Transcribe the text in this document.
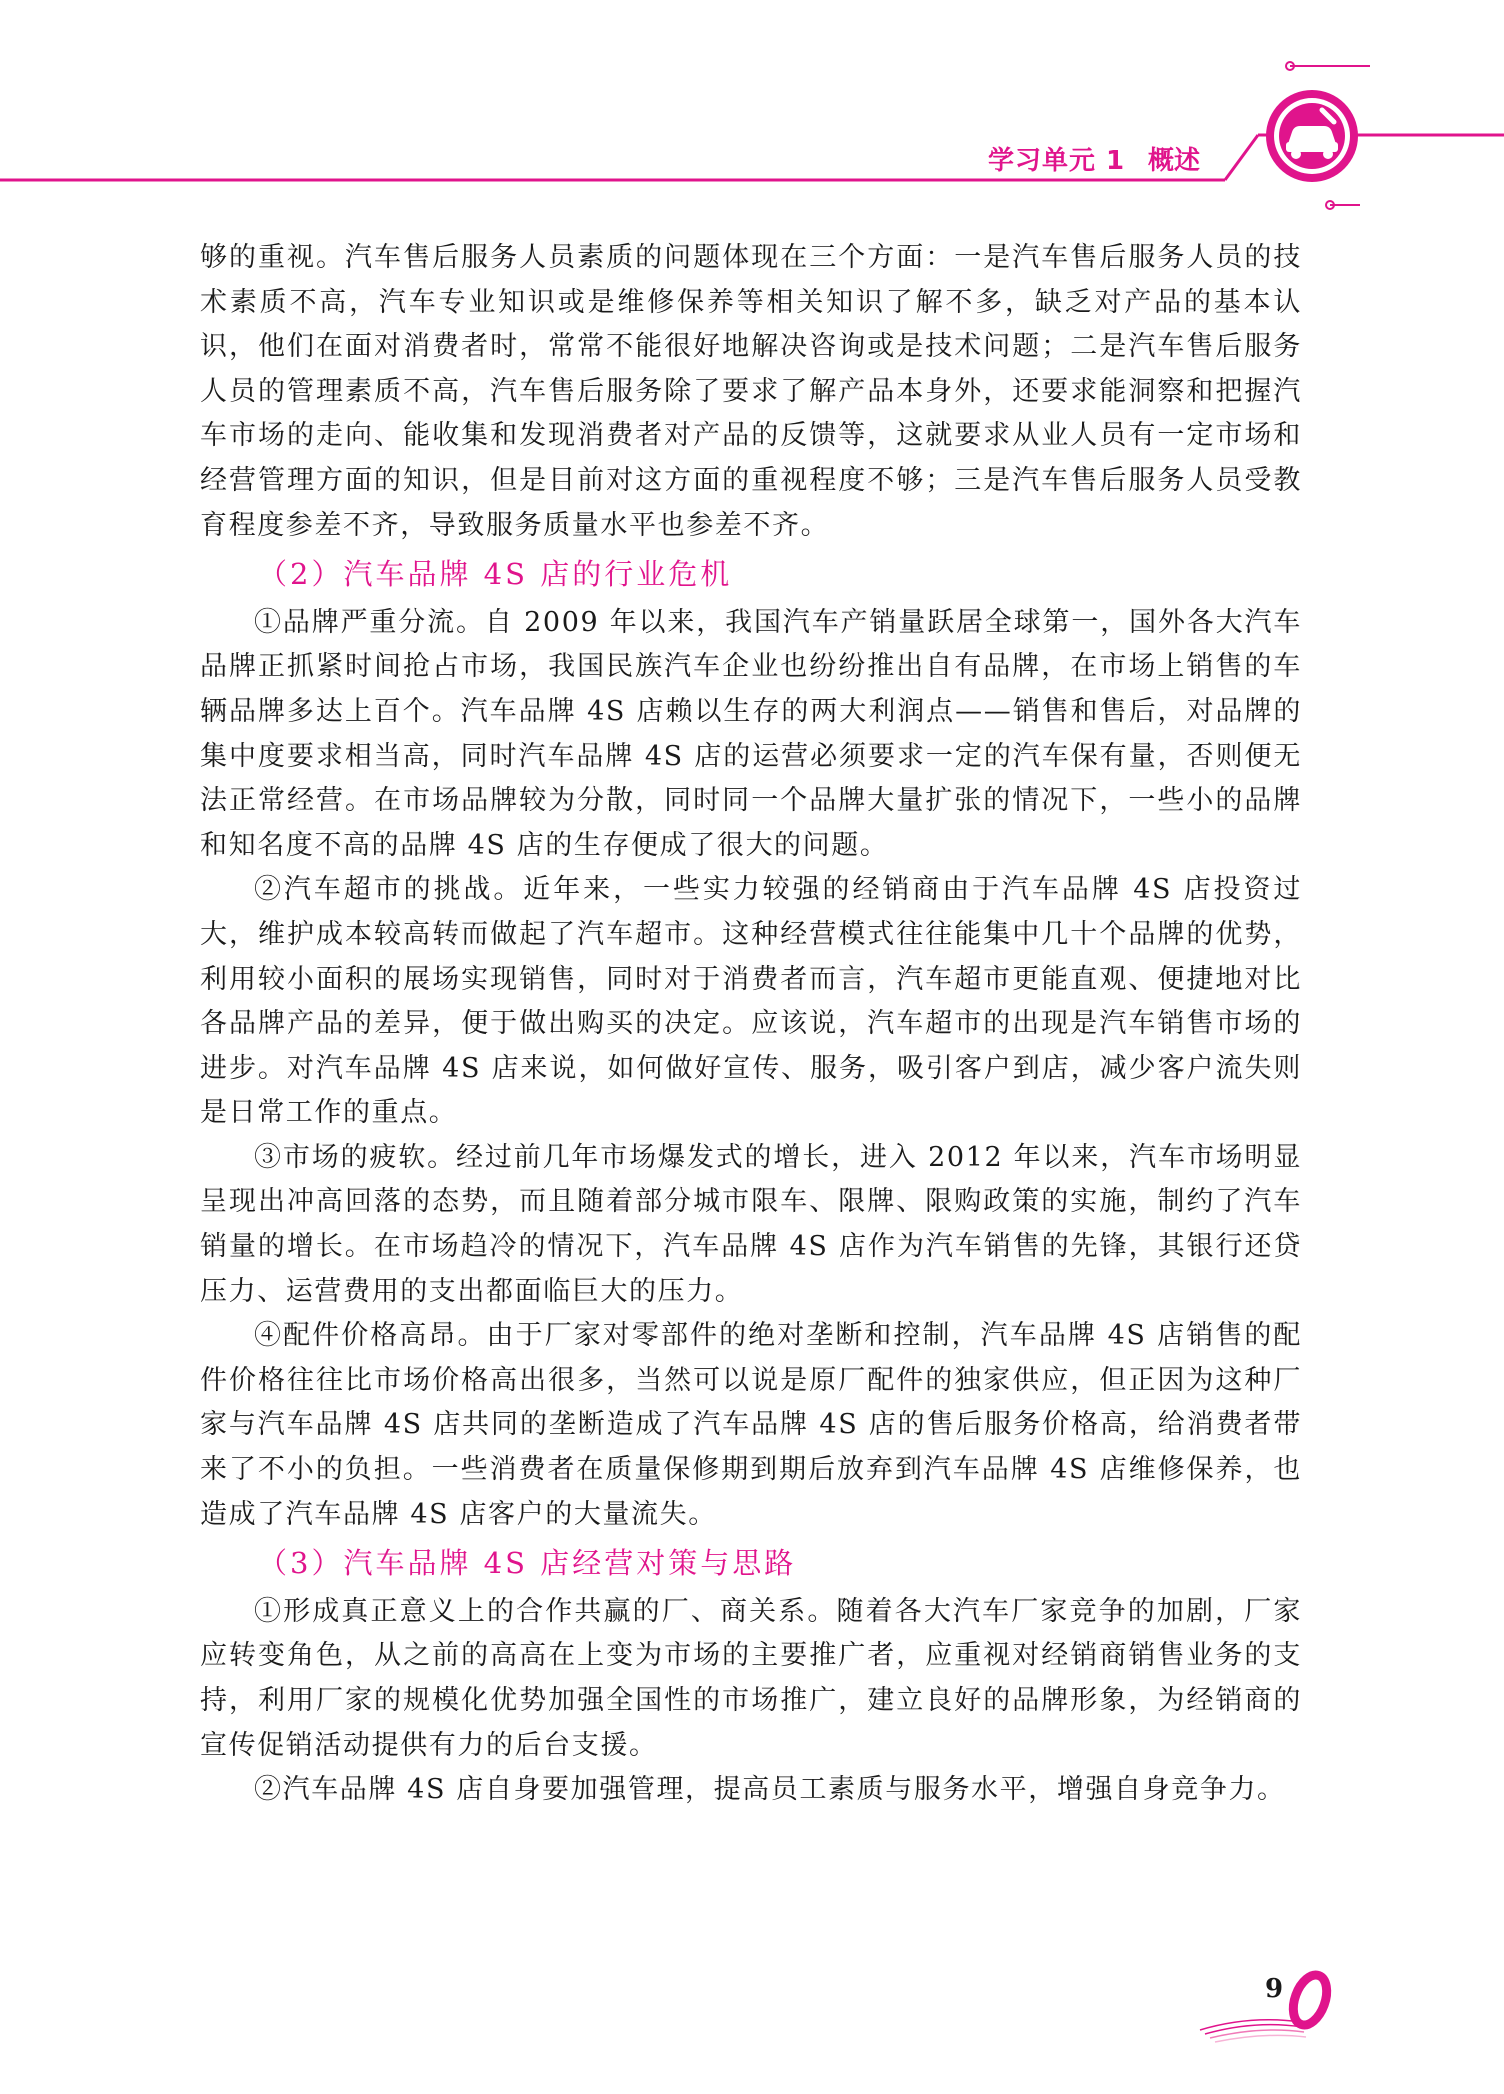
学习单元 1 概述

够的重视。汽车售后服务人员素质的问题体现在三个方面：一是汽车售后服务人员的技术素质不高，汽车专业知识或是维修保养等相关知识了解不多，缺乏对产品的基本认识，他们在面对消费者时，常常不能很好地解决咨询或是技术问题；二是汽车售后服务人员的管理素质不高，汽车售后服务除了要求了解产品本身外，还要求能洞察和把握汽车市场的走向、能收集和发现消费者对产品的反馈等，这就要求从业人员有一定市场和经营管理方面的知识，但是目前对这方面的重视程度不够；三是汽车售后服务人员受教育程度参差不齐，导致服务质量水平也参差不齐。

（2）汽车品牌 4S 店的行业危机

①品牌严重分流。自 2009 年以来，我国汽车产销量跃居全球第一，国外各大汽车品牌正抓紧时间抢占市场，我国民族汽车企业也纷纷推出自有品牌，在市场上销售的车辆品牌多达上百个。汽车品牌 4S 店赖以生存的两大利润点——销售和售后，对品牌的集中度要求相当高，同时汽车品牌 4S 店的运营必须要求一定的汽车保有量，否则便无法正常经营。在市场品牌较为分散，同时同一个品牌大量扩张的情况下，一些小的品牌和知名度不高的品牌 4S 店的生存便成了很大的问题。

②汽车超市的挑战。近年来，一些实力较强的经销商由于汽车品牌 4S 店投资过大，维护成本较高转而做起了汽车超市。这种经营模式往往能集中几十个品牌的优势，利用较小面积的展场实现销售，同时对于消费者而言，汽车超市更能直观、便捷地对比各品牌产品的差异，便于做出购买的决定。应该说，汽车超市的出现是汽车销售市场的进步。对汽车品牌 4S 店来说，如何做好宣传、服务，吸引客户到店，减少客户流失则是日常工作的重点。

③市场的疲软。经过前几年市场爆发式的增长，进入 2012 年以来，汽车市场明显呈现出冲高回落的态势，而且随着部分城市限车、限牌、限购政策的实施，制约了汽车销量的增长。在市场趋冷的情况下，汽车品牌 4S 店作为汽车销售的先锋，其银行还贷压力、运营费用的支出都面临巨大的压力。

④配件价格高昂。由于厂家对零部件的绝对垄断和控制，汽车品牌 4S 店销售的配件价格往往比市场价格高出很多，当然可以说是原厂配件的独家供应，但正因为这种厂家与汽车品牌 4S 店共同的垄断造成了汽车品牌 4S 店的售后服务价格高，给消费者带来了不小的负担。一些消费者在质量保修期到期后放弃到汽车品牌 4S 店维修保养，也造成了汽车品牌 4S 店客户的大量流失。

（3）汽车品牌 4S 店经营对策与思路

①形成真正意义上的合作共赢的厂、商关系。随着各大汽车厂家竞争的加剧，厂家应转变角色，从之前的高高在上变为市场的主要推广者，应重视对经销商销售业务的支持，利用厂家的规模化优势加强全国性的市场推广，建立良好的品牌形象，为经销商的宣传促销活动提供有力的后台支援。

②汽车品牌 4S 店自身要加强管理，提高员工素质与服务水平，增强自身竞争力。

9
